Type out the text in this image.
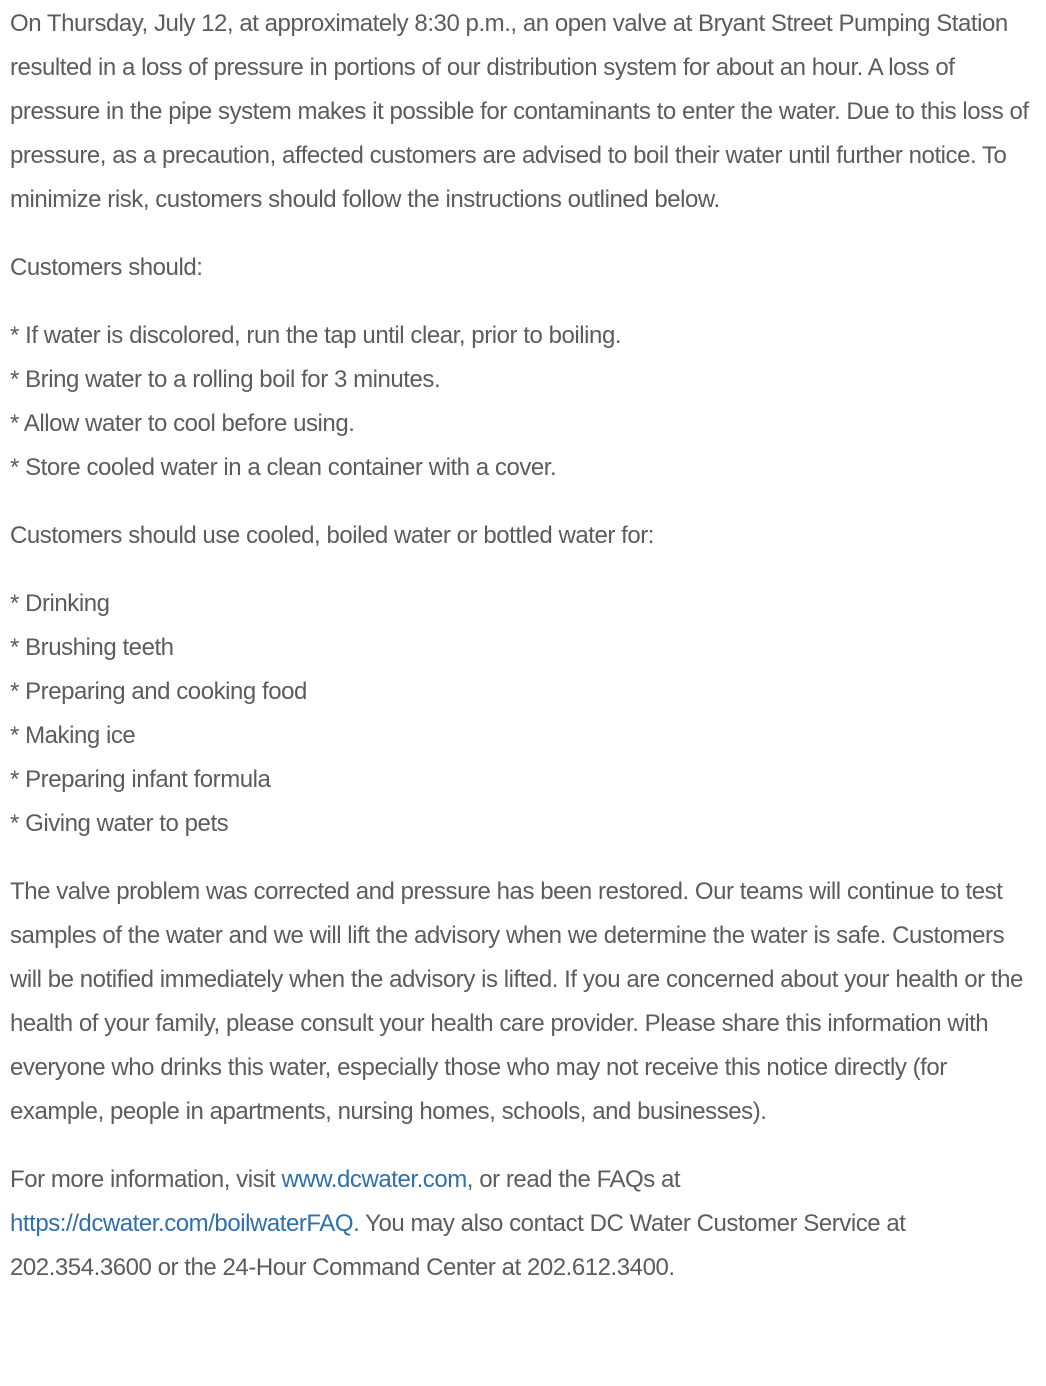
On Thursday, July 12, at approximately 8:30 p.m., an open valve at Bryant Street Pumping Station resulted in a loss of pressure in portions of our distribution system for about an hour. A loss of pressure in the pipe system makes it possible for contaminants to enter the water. Due to this loss of pressure, as a precaution, affected customers are advised to boil their water until further notice. To minimize risk, customers should follow the instructions outlined below.

Customers should:

* If water is discolored, run the tap until clear, prior to boiling.
* Bring water to a rolling boil for 3 minutes.
* Allow water to cool before using.
* Store cooled water in a clean container with a cover.

Customers should use cooled, boiled water or bottled water for:

* Drinking
* Brushing teeth
* Preparing and cooking food
* Making ice
* Preparing infant formula
* Giving water to pets

The valve problem was corrected and pressure has been restored. Our teams will continue to test samples of the water and we will lift the advisory when we determine the water is safe. Customers will be notified immediately when the advisory is lifted. If you are concerned about your health or the health of your family, please consult your health care provider. Please share this information with everyone who drinks this water, especially those who may not receive this notice directly (for example, people in apartments, nursing homes, schools, and businesses).

For more information, visit www.dcwater.com, or read the FAQs at https://dcwater.com/boilwaterFAQ. You may also contact DC Water Customer Service at 202.354.3600 or the 24-Hour Command Center at 202.612.3400.
